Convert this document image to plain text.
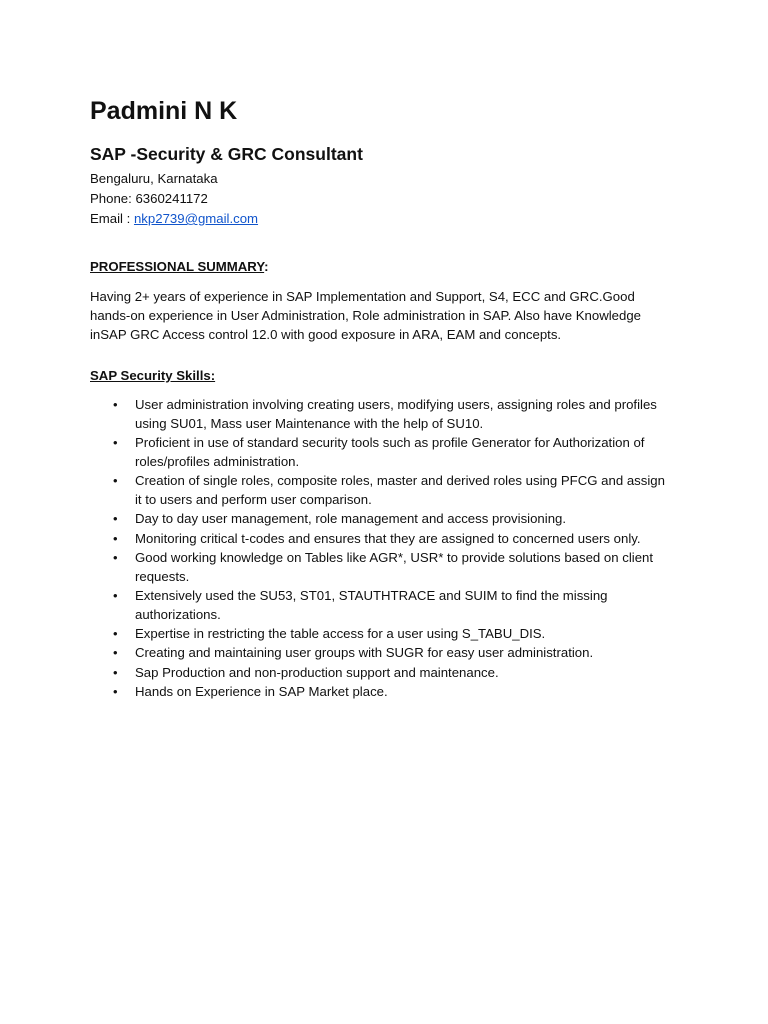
Padmini N K
SAP -Security & GRC Consultant

Bengaluru, Karnataka

Phone: 6360241172

Email : nkp2739@gmail.com

PROFESSIONAL SUMMARY:

Having 2+ years of experience in SAP Implementation and Support, S4, ECC and GRC.Good hands-on experience in User Administration, Role administration in SAP. Also have Knowledge inSAP GRC Access control 12.0 with good exposure in ARA, EAM and concepts.

SAP Security Skills:
• User administration involving creating users, modifying users, assigning roles and profiles using SU01, Mass user Maintenance with the help of SU10.
• Proficient in use of standard security tools such as profile Generator for Authorization of roles/profiles administration.
• Creation of single roles, composite roles, master and derived roles using PFCG and assign it to users and perform user comparison.
• Day to day user management, role management and access provisioning.
• Monitoring critical t-codes and ensures that they are assigned to concerned users only.
• Good working knowledge on Tables like AGR*, USR* to provide solutions based on client requests.
• Extensively used the SU53, ST01, STAUTHTRACE and SUIM to find the missing authorizations.
• Expertise in restricting the table access for a user using S_TABU_DIS.
• Creating and maintaining user groups with SUGR for easy user administration.
• Sap Production and non-production support and maintenance.
• Hands on Experience in SAP Market place.
